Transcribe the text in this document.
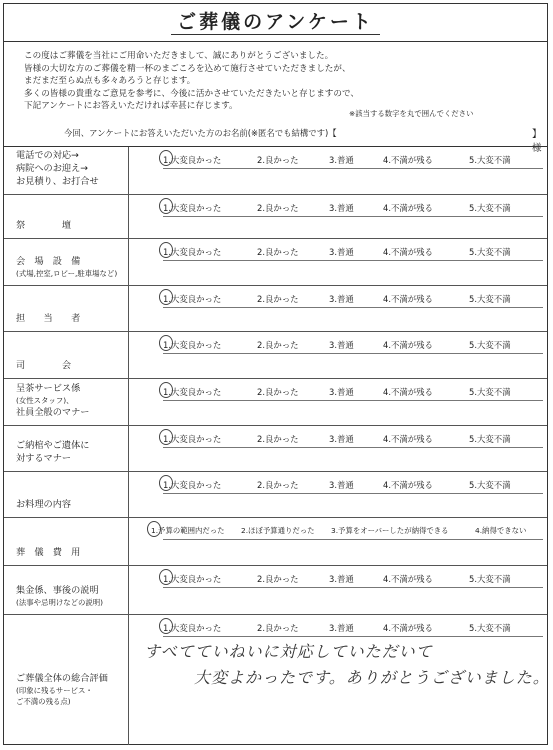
ご葬儀のアンケート

この度はご葬儀を当社にご用命いただきまして、誠にありがとうございました。

皆様の大切な方のご葬儀を精一杯のまごころを込めて施行させていただきましたが、

まだまだ至らぬ点も多々あろうと存じます。

多くの皆様の貴重なご意見を参考に、今後に活かさせていただきたいと存じますので、

下記アンケートにお答えいただければ幸甚に存じます。

※該当する数字を丸で囲んでください
今回、アンケートにお答えいただいた方のお名前(※匿名でも結構です)【	】様
電話での対応→
病院へのお迎え→
お見積り、お打合せ
1.大変良かった	2.良かった	3.普通	4.不満が残る	5.大変不満
祭　　　　壇
1.大変良かった	2.良かった	3.普通	4.不満が残る	5.大変不満
会　場　設　備
(式場,控室,ロビー,駐車場など)
1.大変良かった	2.良かった	3.普通	4.不満が残る	5.大変不満
担　　当　　者
1.大変良かった	2.良かった	3.普通	4.不満が残る	5.大変不満
司　　　　会
1.大変良かった	2.良かった	3.普通	4.不満が残る	5.大変不満
呈茶サービス係
(女性スタッフ)、
社員全般のマナー
1.大変良かった	2.良かった	3.普通	4.不満が残る	5.大変不満
ご納棺やご遺体に
対するマナー
1.大変良かった	2.良かった	3.普通	4.不満が残る	5.大変不満
お料理の内容
1.大変良かった	2.良かった	3.普通	4.不満が残る	5.大変不満
葬　儀　費　用
1.予算の範囲内だった 2.ほぼ予算通りだった 3.予算をオーバーしたが納得できる	4.納得できない
集金係、事後の説明
(法事や忌明けなどの説明)
1.大変良かった	2.良かった	3.普通	4.不満が残る	5.大変不満
ご葬儀全体の総合評価
(印象に残るサービス・
ご不満の残る点)
1.大変良かった	2.良かった	3.普通	4.不満が残る	5.大変不満
すべてていねいに対応していただいて
大変よかったです。ありがとうございました。
